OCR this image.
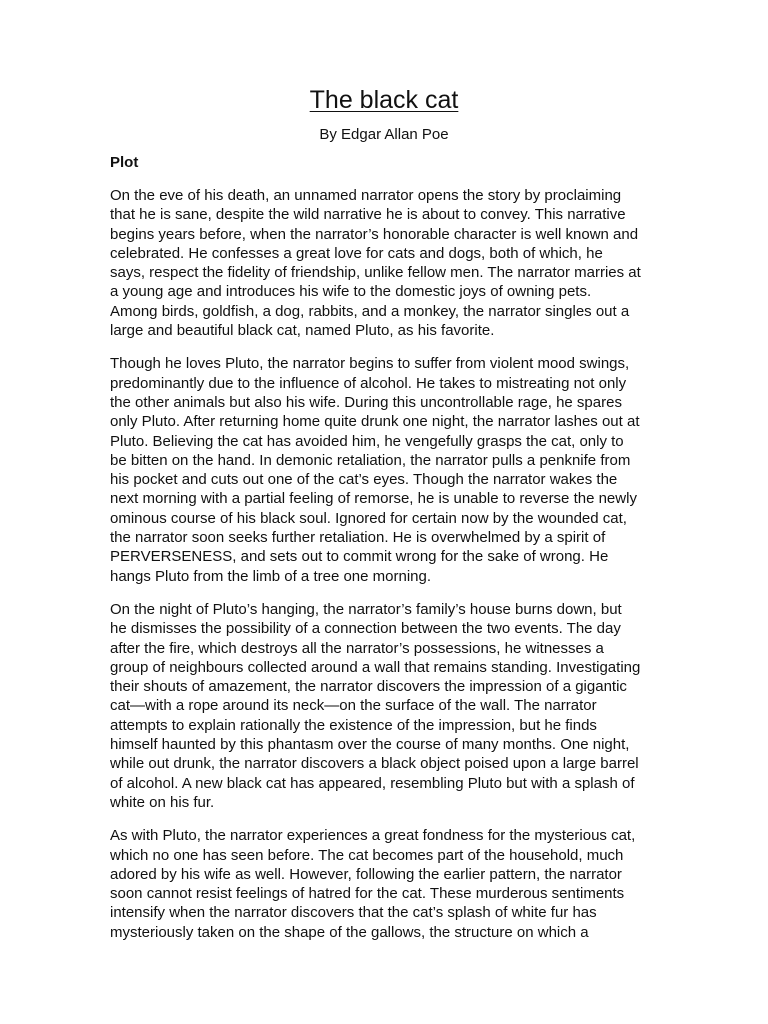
The black cat

By Edgar Allan Poe

Plot

On the eve of his death, an unnamed narrator opens the story by proclaiming
that he is sane, despite the wild narrative he is about to convey. This narrative
begins years before, when the narrator’s honorable character is well known and
celebrated. He confesses a great love for cats and dogs, both of which, he
says, respect the fidelity of friendship, unlike fellow men. The narrator marries at
a young age and introduces his wife to the domestic joys of owning pets.
Among birds, goldfish, a dog, rabbits, and a monkey, the narrator singles out a
large and beautiful black cat, named Pluto, as his favorite.

Though he loves Pluto, the narrator begins to suffer from violent mood swings,
predominantly due to the influence of alcohol. He takes to mistreating not only
the other animals but also his wife. During this uncontrollable rage, he spares
only Pluto. After returning home quite drunk one night, the narrator lashes out at
Pluto. Believing the cat has avoided him, he vengefully grasps the cat, only to
be bitten on the hand. In demonic retaliation, the narrator pulls a penknife from
his pocket and cuts out one of the cat’s eyes. Though the narrator wakes the
next morning with a partial feeling of remorse, he is unable to reverse the newly
ominous course of his black soul. Ignored for certain now by the wounded cat,
the narrator soon seeks further retaliation. He is overwhelmed by a spirit of
PERVERSENESS, and sets out to commit wrong for the sake of wrong. He
hangs Pluto from the limb of a tree one morning.

On the night of Pluto’s hanging, the narrator’s family’s house burns down, but
he dismisses the possibility of a connection between the two events. The day
after the fire, which destroys all the narrator’s possessions, he witnesses a
group of neighbours collected around a wall that remains standing. Investigating
their shouts of amazement, the narrator discovers the impression of a gigantic
cat—with a rope around its neck—on the surface of the wall. The narrator
attempts to explain rationally the existence of the impression, but he finds
himself haunted by this phantasm over the course of many months. One night,
while out drunk, the narrator discovers a black object poised upon a large barrel
of alcohol. A new black cat has appeared, resembling Pluto but with a splash of
white on his fur.

As with Pluto, the narrator experiences a great fondness for the mysterious cat,
which no one has seen before. The cat becomes part of the household, much
adored by his wife as well. However, following the earlier pattern, the narrator
soon cannot resist feelings of hatred for the cat. These murderous sentiments
intensify when the narrator discovers that the cat’s splash of white fur has
mysteriously taken on the shape of the gallows, the structure on which a
